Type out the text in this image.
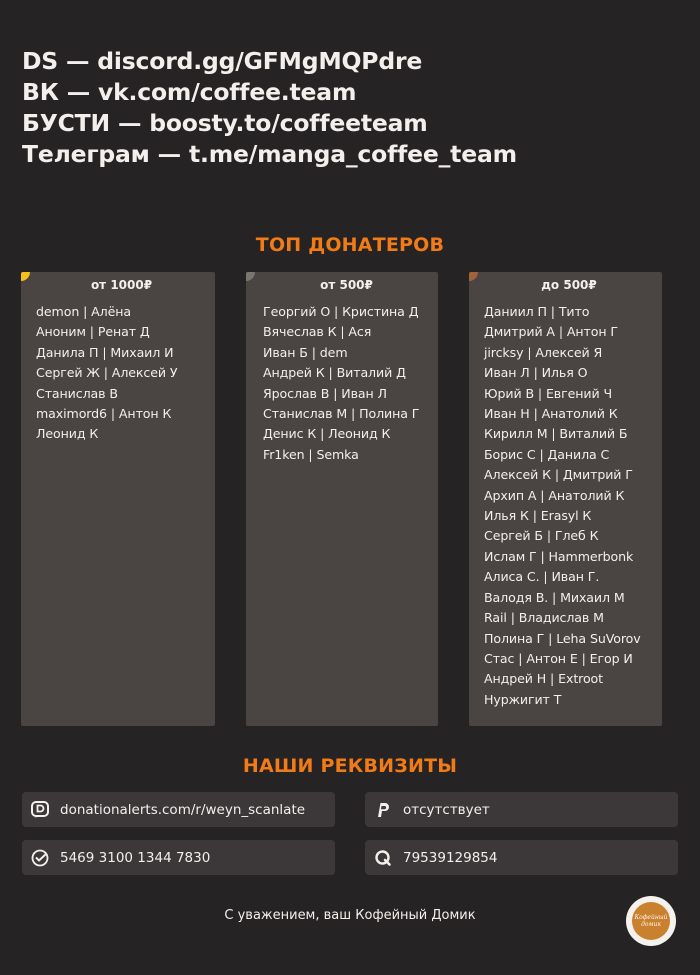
DS — discord.gg/GFMgMQPdre
ВК — vk.com/coffee.team
БУСТИ — boosty.to/coffeeteam
Телеграм — t.me/manga_coffee_team
ТОП ДОНАТЕРОВ
от 1000₽
demon | Алёна
Аноним | Ренат Д
Данила П | Михаил И
Сергей Ж | Алексей У
Станислав В
maximord6 | Антон К
Леонид К
от 500₽
Георгий О | Кристина Д
Вячеслав К | Ася
Иван Б | dem
Андрей К | Виталий Д
Ярослав В | Иван Л
Станислав М | Полина Г
Денис К | Леонид К
Fr1ken | Semka
до 500₽
Даниил П | Тито
Дмитрий А | Антон Г
jircksy | Алексей Я
Иван Л | Илья О
Юрий В | Евгений Ч
Иван Н | Анатолий К
Кирилл М | Виталий Б
Борис С | Данила С
Алексей К | Дмитрий Г
Архип А | Анатолий К
Илья К | Erasyl К
Сергей Б | Глеб К
Ислам Г | Hammerbonk
Алиса С. | Иван Г.
Валодя В. | Михаил М
Rail | Владислав М
Полина Г | Leha SuVorov
Стас | Антон Е | Егор И
Андрей Н | Extroot
Нуржигит Т
НАШИ РЕКВИЗИТЫ
donationalerts.com/r/weyn_scanlate	отсутствует
5469 3100 1344 7830	79539129854
С уважением, ваш Кофейный Домик	Кофейный домик
